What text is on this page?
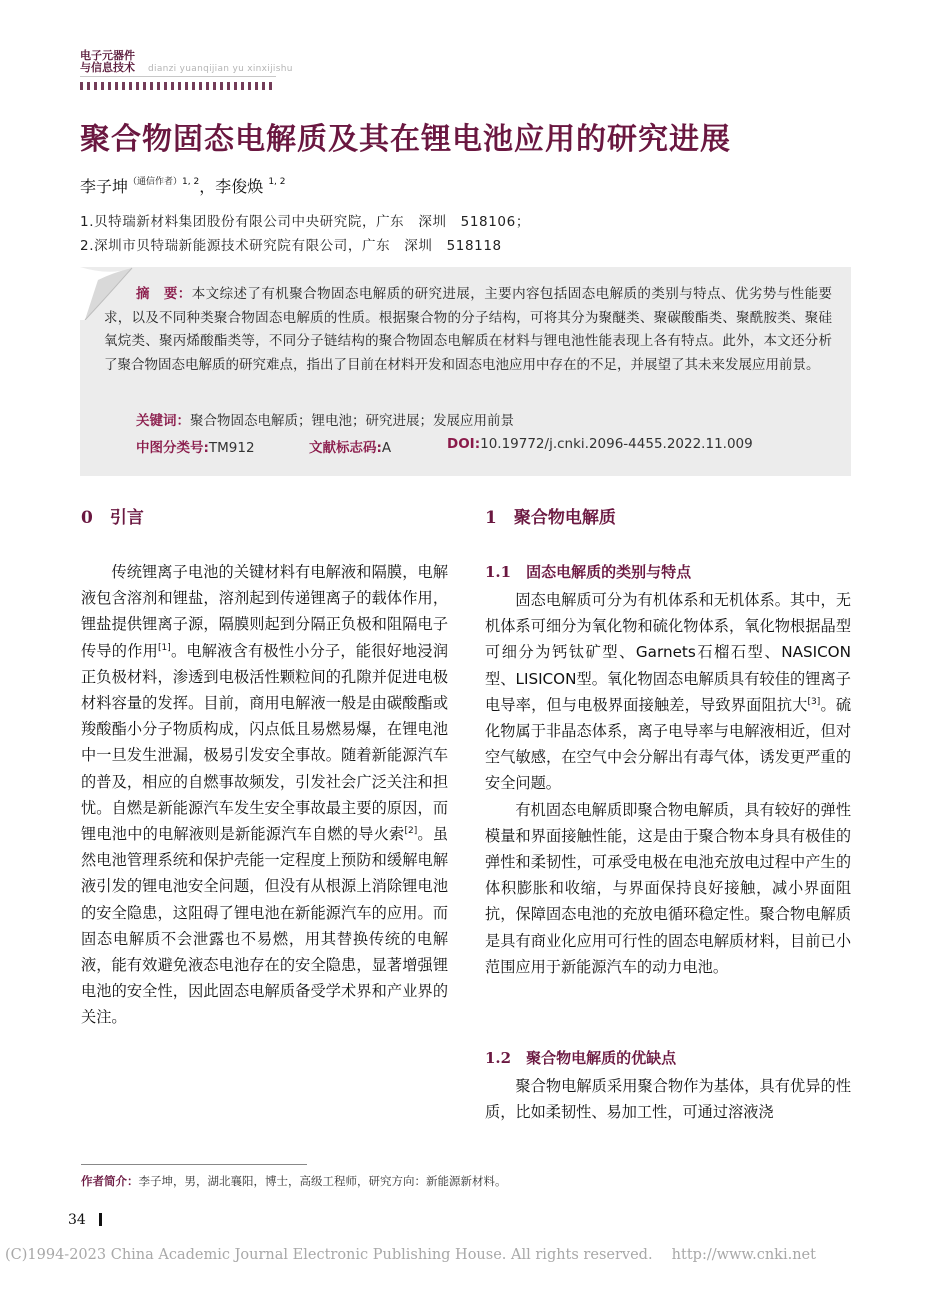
电子元器件
与信息技术 dianzi yuanqijian yu xinxijishu
聚合物固态电解质及其在锂电池应用的研究进展
李子坤$^{(通信作者)1, 2}$，李俊焕 $^{1, 2}$
1.贝特瑞新材料集团股份有限公司中央研究院，广东　深圳　518106；
2.深圳市贝特瑞新能源技术研究院有限公司，广东　深圳　518118
摘　要：本文综述了有机聚合物固态电解质的研究进展，主要内容包括固态电解质的类别与特点、优劣势与性能要求，以及不同种类聚合物固态电解质的性质。根据聚合物的分子结构，可将其分为聚醚类、聚碳酸酯类、聚酰胺类、聚硅氧烷类、聚丙烯酸酯类等，不同分子链结构的聚合物固态电解质在材料与锂电池性能表现上各有特点。此外，本文还分析了聚合物固态电解质的研究难点，指出了目前在材料开发和固态电池应用中存在的不足，并展望了其未来发展应用前景。
关键词：聚合物固态电解质；锂电池；研究进展；发展应用前景
中图分类号:TM912	文献标志码:A	DOI:10.19772/j.cnki.2096-4455.2022.11.009
0　引言

传统锂离子电池的关键材料有电解液和隔膜，电解液包含溶剂和锂盐，溶剂起到传递锂离子的载体作用，锂盐提供锂离子源，隔膜则起到分隔正负极和阻隔电子传导的作用[1]。电解液含有极性小分子，能很好地浸润正负极材料，渗透到电极活性颗粒间的孔隙并促进电极材料容量的发挥。目前，商用电解液一般是由碳酸酯或羧酸酯小分子物质构成，闪点低且易燃易爆，在锂电池中一旦发生泄漏，极易引发安全事故。随着新能源汽车的普及，相应的自燃事故频发，引发社会广泛关注和担忧。自燃是新能源汽车发生安全事故最主要的原因，而锂电池中的电解液则是新能源汽车自燃的导火索[2]。虽然电池管理系统和保护壳能一定程度上预防和缓解电解液引发的锂电池安全问题，但没有从根源上消除锂电池的安全隐患，这阻碍了锂电池在新能源汽车的应用。而固态电解质不会泄露也不易燃，用其替换传统的电解液，能有效避免液态电池存在的安全隐患，显著增强锂电池的安全性，因此固态电解质备受学术界和产业界的关注。

1　聚合物电解质
1.1　固态电解质的类别与特点

固态电解质可分为有机体系和无机体系。其中，无机体系可细分为氧化物和硫化物体系，氧化物根据晶型可细分为钙钛矿型、Garnets石榴石型、NASICON型、LISICON型。氧化物固态电解质具有较佳的锂离子电导率，但与电极界面接触差，导致界面阻抗大[3]。硫化物属于非晶态体系，离子电导率与电解液相近，但对空气敏感，在空气中会分解出有毒气体，诱发更严重的安全问题。

有机固态电解质即聚合物电解质，具有较好的弹性模量和界面接触性能，这是由于聚合物本身具有极佳的弹性和柔韧性，可承受电极在电池充放电过程中产生的体积膨胀和收缩，与界面保持良好接触，减小界面阻抗，保障固态电池的充放电循环稳定性。聚合物电解质是具有商业化应用可行性的固态电解质材料，目前已小范围应用于新能源汽车的动力电池。

1.2　聚合物电解质的优缺点

聚合物电解质采用聚合物作为基体，具有优异的性质，比如柔韧性、易加工性，可通过溶液浇

作者简介：李子坤，男，湖北襄阳，博士，高级工程师，研究方向：新能源新材料。
34
(C)1994-2023 China Academic Journal Electronic Publishing House. All rights reserved.　 http://www.cnki.net
